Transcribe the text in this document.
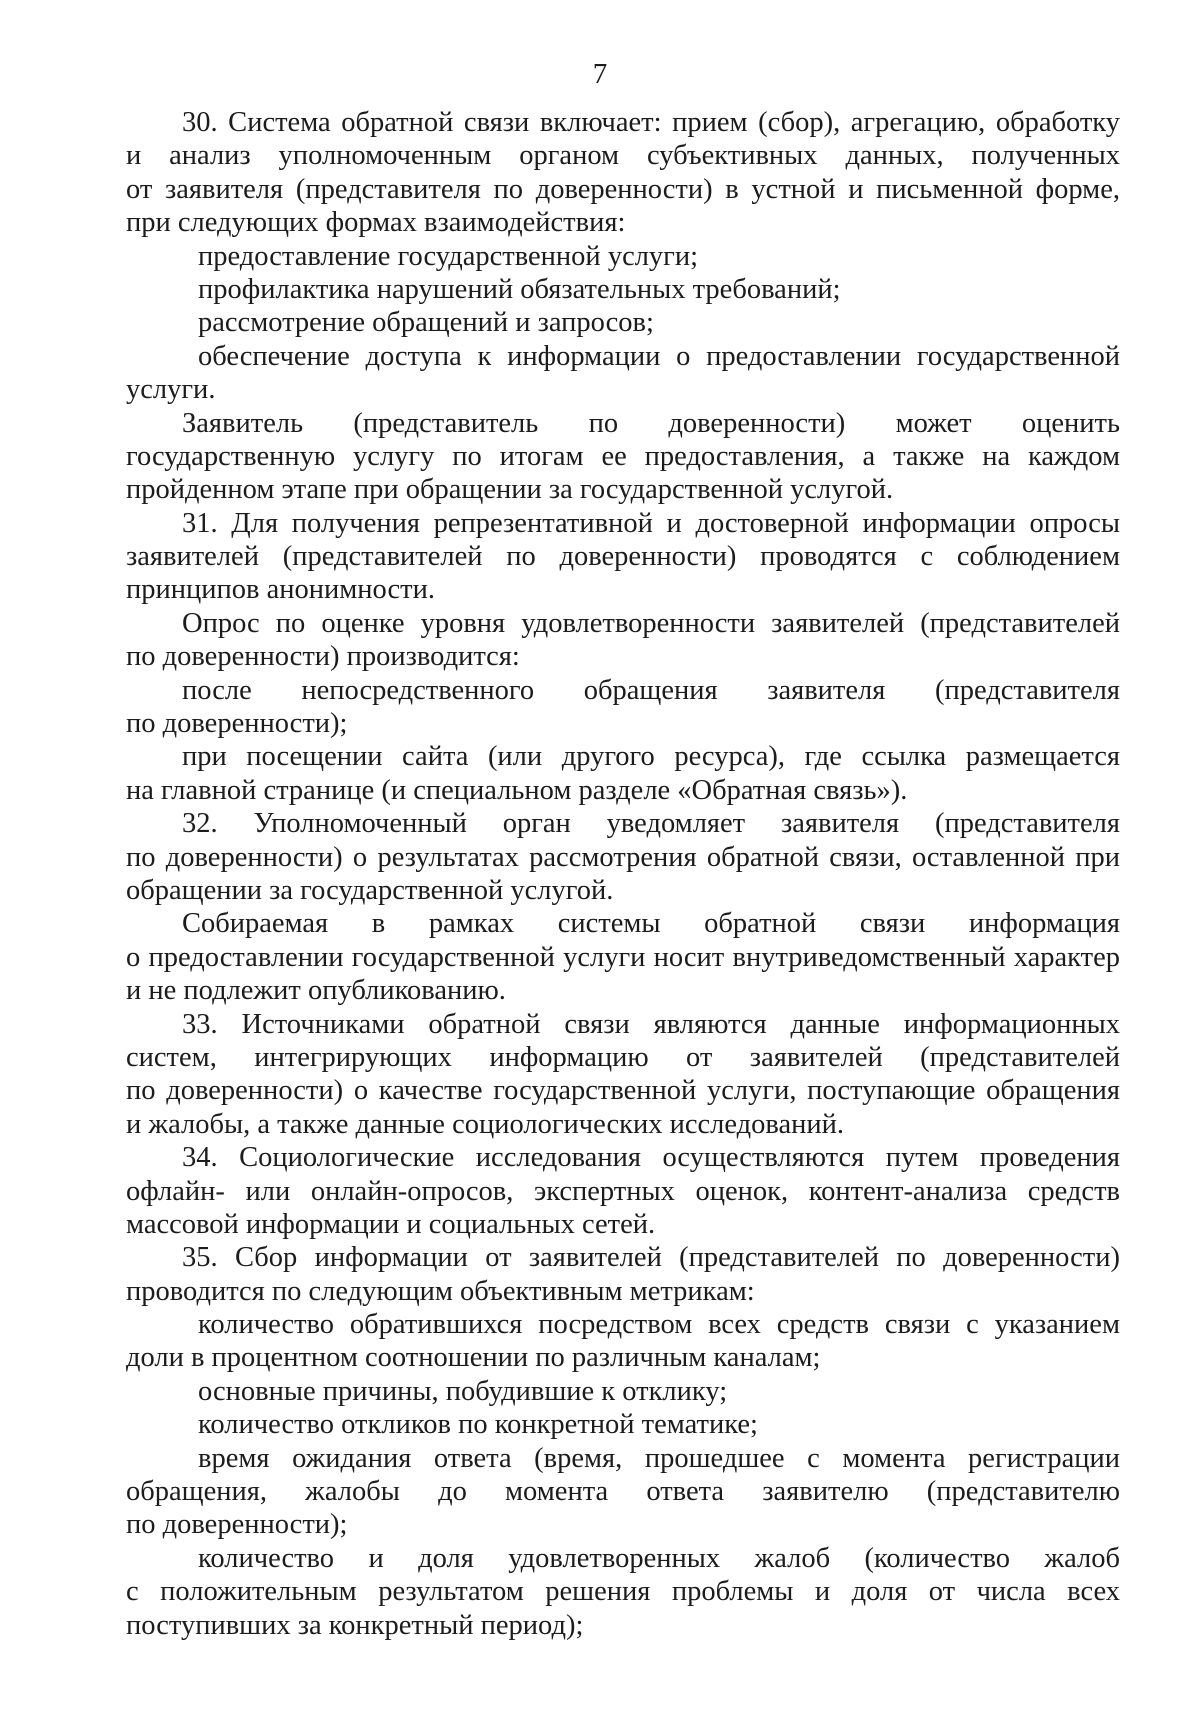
7
30. Система обратной связи включает: прием (сбор), агрегацию, обработку
и анализ уполномоченным органом субъективных данных, полученных
от заявителя (представителя по доверенности) в устной и письменной форме,
при следующих формах взаимодействия:
предоставление государственной услуги;
профилактика нарушений обязательных требований;
рассмотрение обращений и запросов;
обеспечение доступа к информации о предоставлении государственной
услуги.
Заявитель (представитель по доверенности) может оценить
государственную услугу по итогам ее предоставления, а также на каждом
пройденном этапе при обращении за государственной услугой.
31. Для получения репрезентативной и достоверной информации опросы
заявителей (представителей по доверенности) проводятся с соблюдением
принципов анонимности.
Опрос по оценке уровня удовлетворенности заявителей (представителей
по доверенности) производится:
после непосредственного обращения заявителя (представителя
по доверенности);
при посещении сайта (или другого ресурса), где ссылка размещается
на главной странице (и специальном разделе «Обратная связь»).
32. Уполномоченный орган уведомляет заявителя (представителя
по доверенности) о результатах рассмотрения обратной связи, оставленной при
обращении за государственной услугой.
Собираемая в рамках системы обратной связи информация
о предоставлении государственной услуги носит внутриведомственный характер
и не подлежит опубликованию.
33. Источниками обратной связи являются данные информационных
систем, интегрирующих информацию от заявителей (представителей
по доверенности) о качестве государственной услуги, поступающие обращения
и жалобы, а также данные социологических исследований.
34. Социологические исследования осуществляются путем проведения
офлайн- или онлайн-опросов, экспертных оценок, контент-анализа средств
массовой информации и социальных сетей.
35. Сбор информации от заявителей (представителей по доверенности)
проводится по следующим объективным метрикам:
количество обратившихся посредством всех средств связи с указанием
доли в процентном соотношении по различным каналам;
основные причины, побудившие к отклику;
количество откликов по конкретной тематике;
время ожидания ответа (время, прошедшее с момента регистрации
обращения, жалобы до момента ответа заявителю (представителю
по доверенности);
количество и доля удовлетворенных жалоб (количество жалоб
с положительным результатом решения проблемы и доля от числа всех
поступивших за конкретный период);
